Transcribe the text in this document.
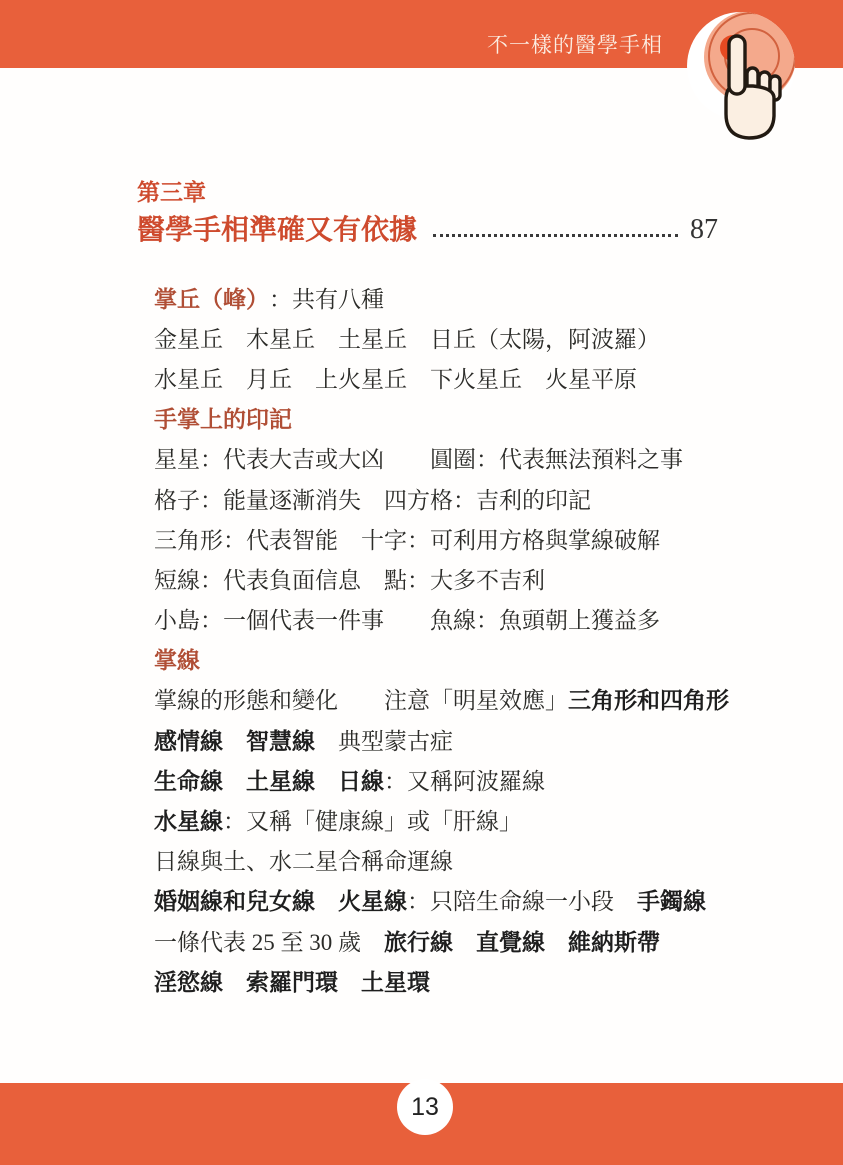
不一樣的醫學手相
第三章
醫學手相準確又有依據	87
掌丘（峰） ：共有八種
金星丘　木星丘　土星丘　日丘（太陽，阿波羅）
水星丘　月丘　上火星丘　下火星丘　火星平原
手掌上的印記
星星：代表大吉或大凶　　圓圈：代表無法預料之事
格子：能量逐漸消失　四方格：吉利的印記
三角形：代表智能　十字：可利用方格與掌線破解
短線：代表負面信息　點：大多不吉利
小島：一個代表一件事　　魚線：魚頭朝上獲益多
掌線
掌線的形態和變化　　注意「明星效應」 三角形和四角形
感情線　智慧線 　典型蒙古症
生命線　土星線　日線 ：又稱阿波羅線
水星線 ：又稱「健康線」或「肝線」
日線與土、水二星合稱命運線
婚姻線和兒女線
　 火星線 ：只陪生命線一小段　 手鐲線
一條代表 25 至 30 歲　 旅行線　直覺線　維納斯帶
淫慾線　索羅門環　土星環
13
